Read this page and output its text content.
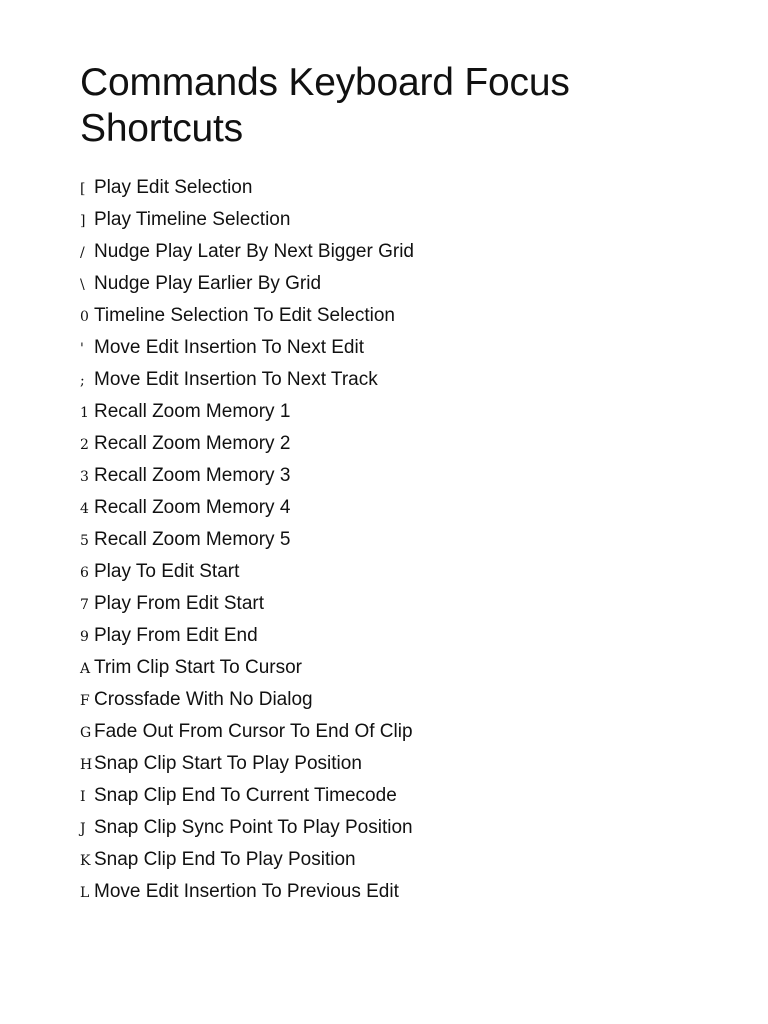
Commands Keyboard Focus Shortcuts
[ Play Edit Selection
] Play Timeline Selection
/ Nudge Play Later By Next Bigger Grid
\ Nudge Play Earlier By Grid
0 Timeline Selection To Edit Selection
' Move Edit Insertion To Next Edit
; Move Edit Insertion To Next Track
1 Recall Zoom Memory 1
2 Recall Zoom Memory 2
3 Recall Zoom Memory 3
4 Recall Zoom Memory 4
5 Recall Zoom Memory 5
6 Play To Edit Start
7 Play From Edit Start
9 Play From Edit End
A Trim Clip Start To Cursor
F Crossfade With No Dialog
G Fade Out From Cursor To End Of Clip
H Snap Clip Start To Play Position
I Snap Clip End To Current Timecode
J Snap Clip Sync Point To Play Position
K Snap Clip End To Play Position
L Move Edit Insertion To Previous Edit
